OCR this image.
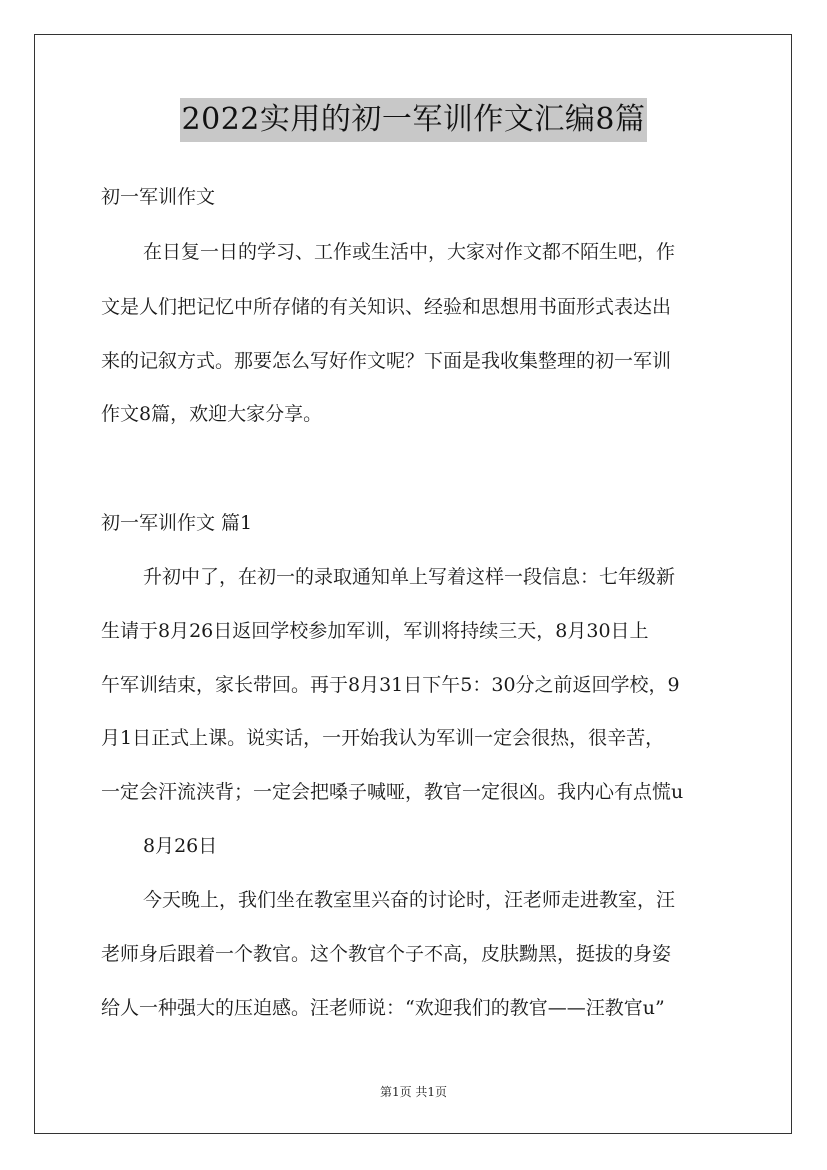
2022实用的初一军训作文汇编8篇
初一军训作文
在日复一日的学习、工作或生活中，大家对作文都不陌生吧，作
文是人们把记忆中所存储的有关知识、经验和思想用书面形式表达出
来的记叙方式。那要怎么写好作文呢？下面是我收集整理的初一军训
作文8篇，欢迎大家分享。
初一军训作文 篇1
升初中了，在初一的录取通知单上写着这样一段信息：七年级新
生请于8月26日返回学校参加军训，军训将持续三天，8月30日上
午军训结束，家长带回。再于8月31日下午5：30分之前返回学校，9
月1日正式上课。说实话，一开始我认为军训一定会很热，很辛苦，
一定会汗流浃背；一定会把嗓子喊哑，教官一定很凶。我内心有点慌u
8月26日
今天晚上，我们坐在教室里兴奋的讨论时，汪老师走进教室，汪
老师身后跟着一个教官。这个教官个子不高，皮肤黝黑，挺拔的身姿
给人一种强大的压迫感。汪老师说：“欢迎我们的教官——汪教官u”
第1页 共1页
